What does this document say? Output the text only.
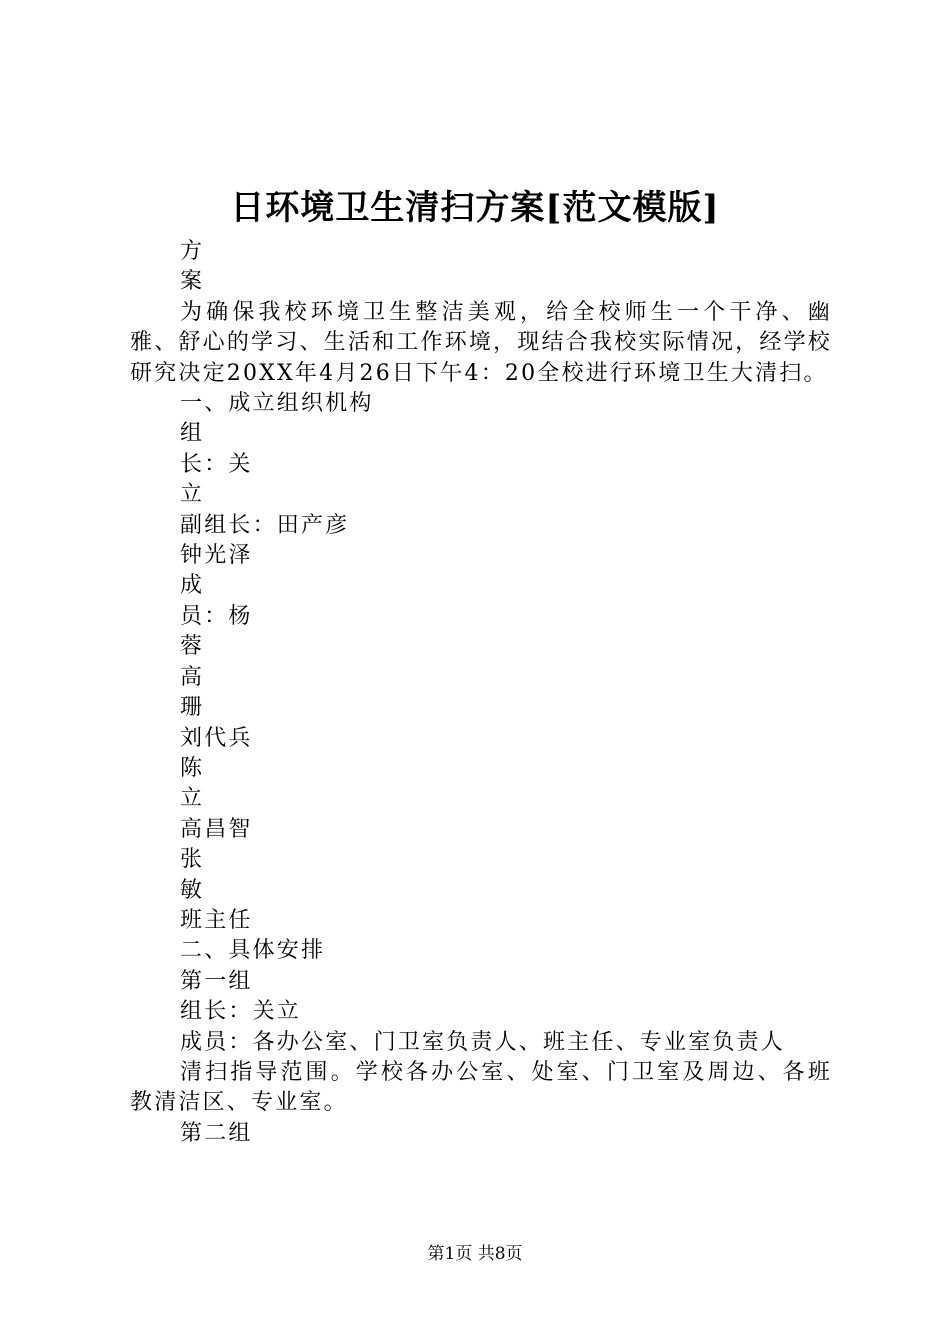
日环境卫生清扫方案[范文模版]

方

案

为确保我校环境卫生整洁美观，给全校师生一个干净、幽雅、舒心的学习、生活和工作环境，现结合我校实际情况，经学校研究决定20XX年4月26日下午4：20全校进行环境卫生大清扫。

一、成立组织机构

组

长：关

立

副组长：田产彦

钟光泽

成

员：杨

蓉

高

珊

刘代兵

陈

立

高昌智

张

敏

班主任

二、具体安排

第一组

组长：关立

成员：各办公室、门卫室负责人、班主任、专业室负责人

清扫指导范围。学校各办公室、处室、门卫室及周边、各班教清洁区、专业室。

第二组

第1页 共8页
